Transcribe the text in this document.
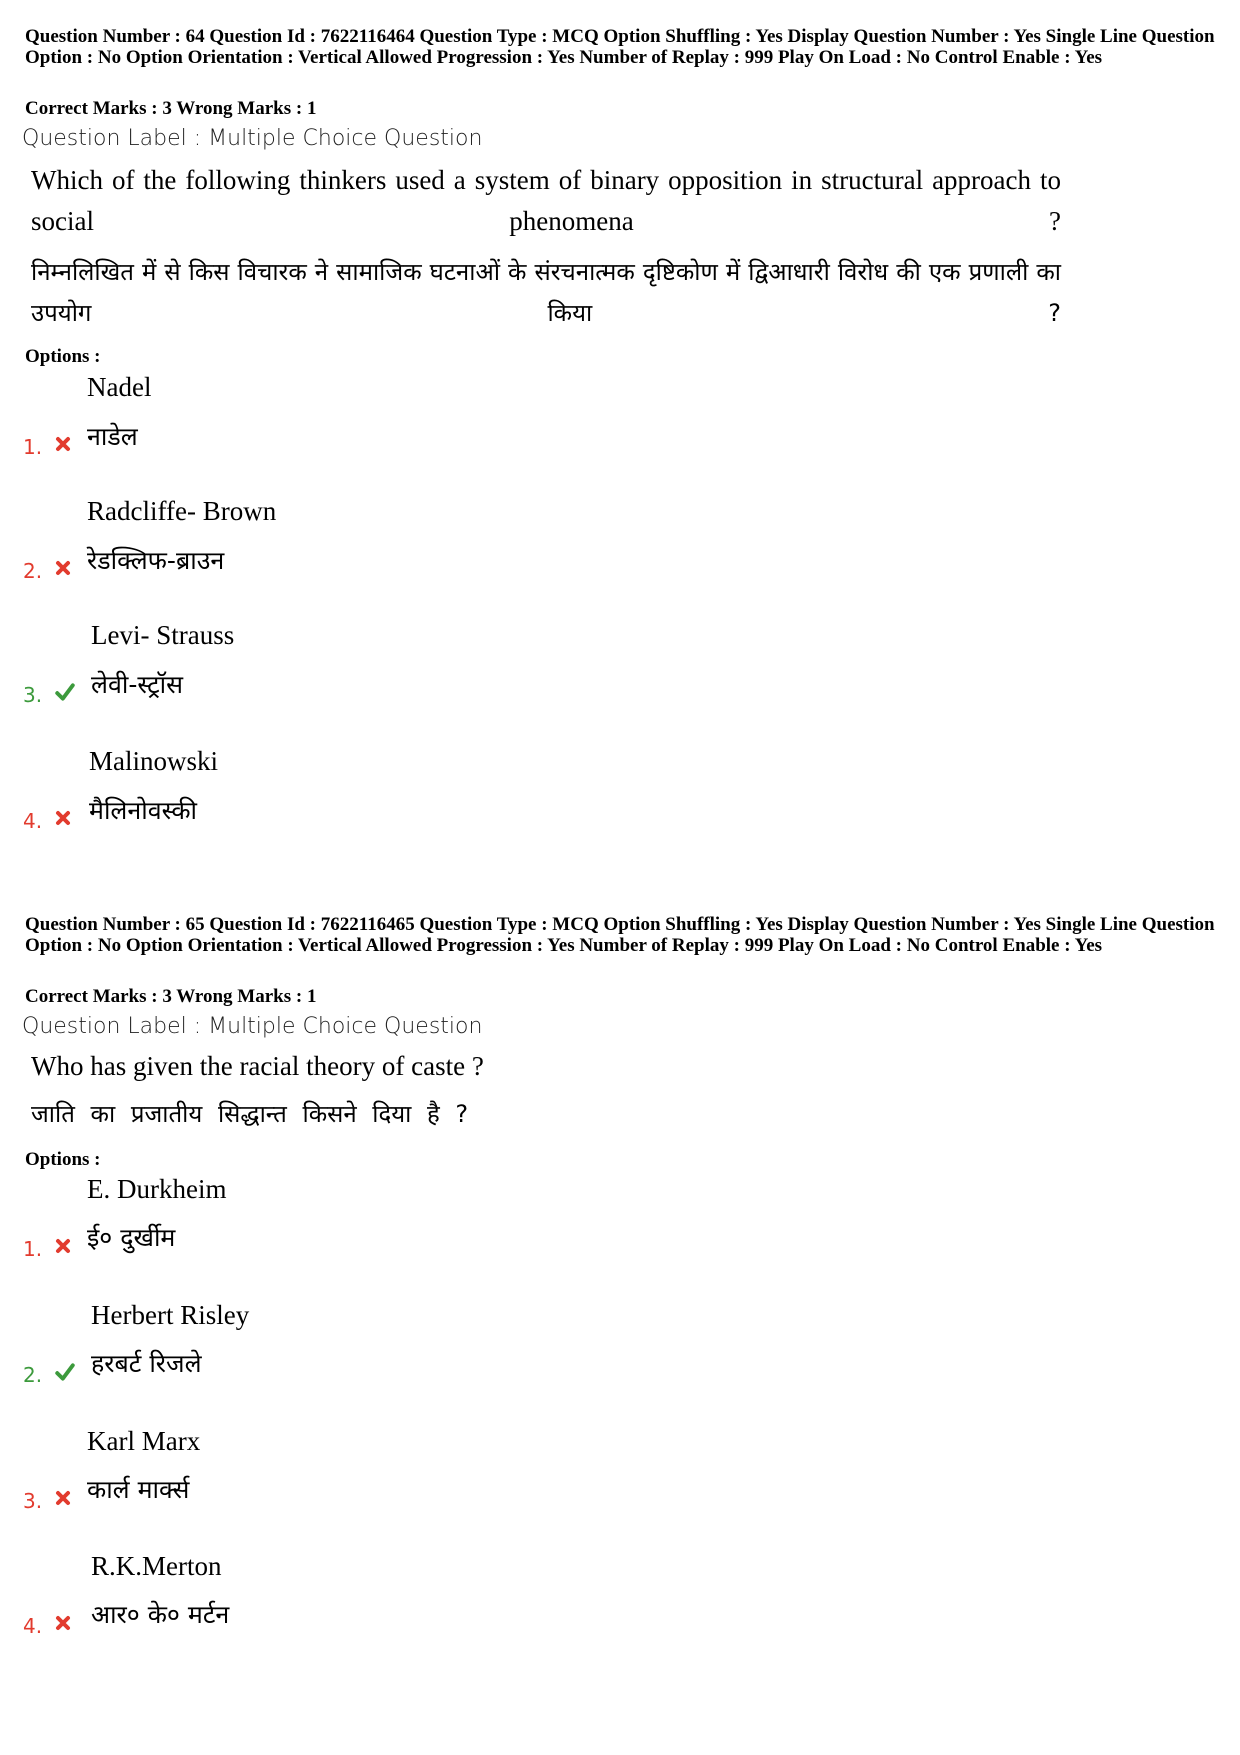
Question Number : 64 Question Id : 7622116464 Question Type : MCQ Option Shuffling : Yes Display Question Number : Yes Single Line Question Option : No Option Orientation : Vertical Allowed Progression : Yes Number of Replay : 999 Play On Load : No Control Enable : Yes
Correct Marks : 3 Wrong Marks : 1
Question Label : Multiple Choice Question
Which of the following thinkers used a system of binary opposition in structural approach to social phenomena ?
निम्नलिखित में से किस विचारक ने सामाजिक घटनाओं के संरचनात्मक दृष्टिकोण में द्विआधारी विरोध की एक प्रणाली का उपयोग किया ?
Options :
Nadel
नाडेल
1.
Radcliffe- Brown
रेडक्लिफ-ब्राउन
2.
Levi- Strauss
लेवी-स्ट्रॉस
3.
Malinowski
मैलिनोवस्की
4.
Question Number : 65 Question Id : 7622116465 Question Type : MCQ Option Shuffling : Yes Display Question Number : Yes Single Line Question Option : No Option Orientation : Vertical Allowed Progression : Yes Number of Replay : 999 Play On Load : No Control Enable : Yes
Correct Marks : 3 Wrong Marks : 1
Question Label : Multiple Choice Question
Who has given the racial theory of caste ?
जाति का प्रजातीय सिद्धान्त किसने दिया है ?
Options :
E. Durkheim
ई० दुर्खीम
1.
Herbert Risley
हरबर्ट रिजले
2.
Karl Marx
कार्ल मार्क्स
3.
R.K.Merton
आर० के० मर्टन
4.
